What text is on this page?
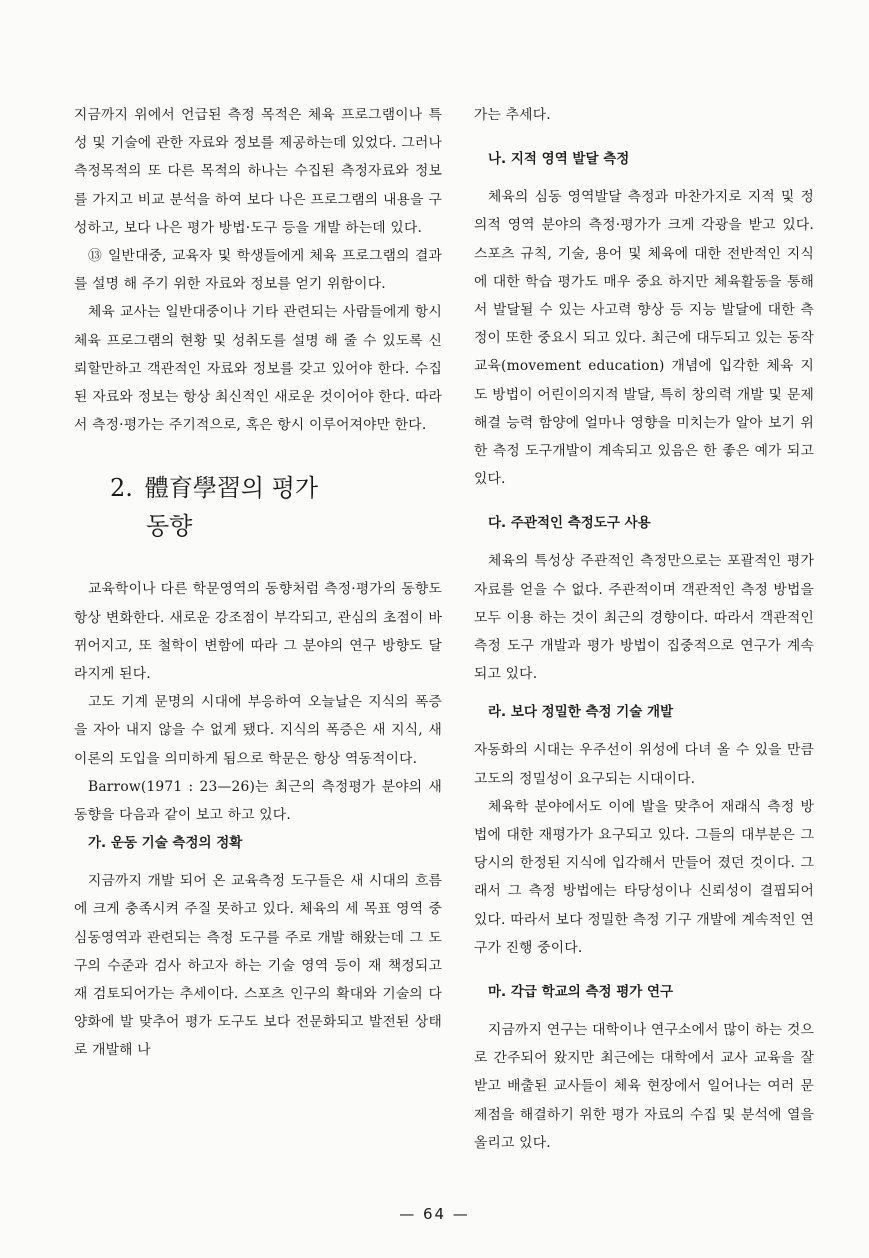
지금까지 위에서 언급된 측정 목적은 체육 프로그램이나 특성 및 기술에 관한 자료와 정보를 제공하는데 있었다. 그러나 측정목적의 또 다른 목적의 하나는 수집된 측정자료와 정보를 가지고 비교 분석을 하여 보다 나은 프로그램의 내용을 구성하고, 보다 나은 평가 방법·도구 등을 개발 하는데 있다.

⑬ 일반대중, 교육자 및 학생들에게 체육 프로그램의 결과를 설명 해 주기 위한 자료와 정보를 얻기 위함이다.

체육 교사는 일반대중이나 기타 관련되는 사람들에게 항시 체육 프로그램의 현황 및 성취도를 설명 해 줄 수 있도록 신뢰할만하고 객관적인 자료와 정보를 갖고 있어야 한다. 수집된 자료와 정보는 항상 최신적인 새로운 것이어야 한다. 따라서 측정·평가는 주기적으로, 혹은 항시 이루어져야만 한다.

2. 體育學習의 평가
동향

교육학이나 다른 학문영역의 동향처럼 측정·평가의 동향도 항상 변화한다. 새로운 강조점이 부각되고, 관심의 초점이 바뀌어지고, 또 철학이 변함에 따라 그 분야의 연구 방향도 달라지게 된다.

고도 기계 문명의 시대에 부응하여 오늘날은 지식의 폭증을 자아 내지 않을 수 없게 됐다. 지식의 폭증은 새 지식, 새 이론의 도입을 의미하게 됨으로 학문은 항상 역동적이다.

Barrow(1971 : 23—26)는 최근의 측정평가 분야의 새 동향을 다음과 같이 보고 하고 있다.

가. 운동 기술 측정의 정확

지금까지 개발 되어 온 교육측정 도구들은 새 시대의 흐름에 크게 충족시켜 주질 못하고 있다. 체육의 세 목표 영역 중 심동영역과 관련되는 측정 도구를 주로 개발 해왔는데 그 도구의 수준과 검사 하고자 하는 기술 영역 등이 재 책정되고 재 검토되어가는 추세이다. 스포츠 인구의 확대와 기술의 다양화에 발 맞추어 평가 도구도 보다 전문화되고 발전된 상태로 개발해 나

가는 추세다.

나. 지적 영역 발달 측정

체육의 심동 영역발달 측정과 마찬가지로 지적 및 정의적 영역 분야의 측정·평가가 크게 각광을 받고 있다. 스포츠 규칙, 기술, 용어 및 체육에 대한 전반적인 지식에 대한 학습 평가도 매우 중요 하지만 체육활동을 통해서 발달될 수 있는 사고력 향상 등 지능 발달에 대한 측정이 또한 중요시 되고 있다. 최근에 대두되고 있는 동작 교육(movement education) 개념에 입각한 체육 지도 방법이 어린이의지적 발달, 특히 창의력 개발 및 문제 해결 능력 함양에 얼마나 영향을 미치는가 알아 보기 위한 측정 도구개발이 계속되고 있음은 한 좋은 예가 되고 있다.

다. 주관적인 측정도구 사용

체육의 특성상 주관적인 측정만으로는 포괄적인 평가 자료를 얻을 수 없다. 주관적이며 객관적인 측정 방법을 모두 이용 하는 것이 최근의 경향이다. 따라서 객관적인 측정 도구 개발과 평가 방법이 집중적으로 연구가 계속되고 있다.

라. 보다 정밀한 측정 기술 개발

자동화의 시대는 우주선이 위성에 다녀 올 수 있을 만큼 고도의 정밀성이 요구되는 시대이다.

체육학 분야에서도 이에 발을 맞추어 재래식 측정 방법에 대한 재평가가 요구되고 있다. 그들의 대부분은 그 당시의 한정된 지식에 입각해서 만들어 졌던 것이다. 그래서 그 측정 방법에는 타당성이나 신뢰성이 결핍되어 있다. 따라서 보다 정밀한 측정 기구 개발에 계속적인 연구가 진행 중이다.

마. 각급 학교의 측정 평가 연구

지금까지 연구는 대학이나 연구소에서 많이 하는 것으로 간주되어 왔지만 최근에는 대학에서 교사 교육을 잘 받고 배출된 교사들이 체육 현장에서 일어나는 여러 문제점을 해결하기 위한 평가 자료의 수집 및 분석에 열을 올리고 있다.

— 64 —
